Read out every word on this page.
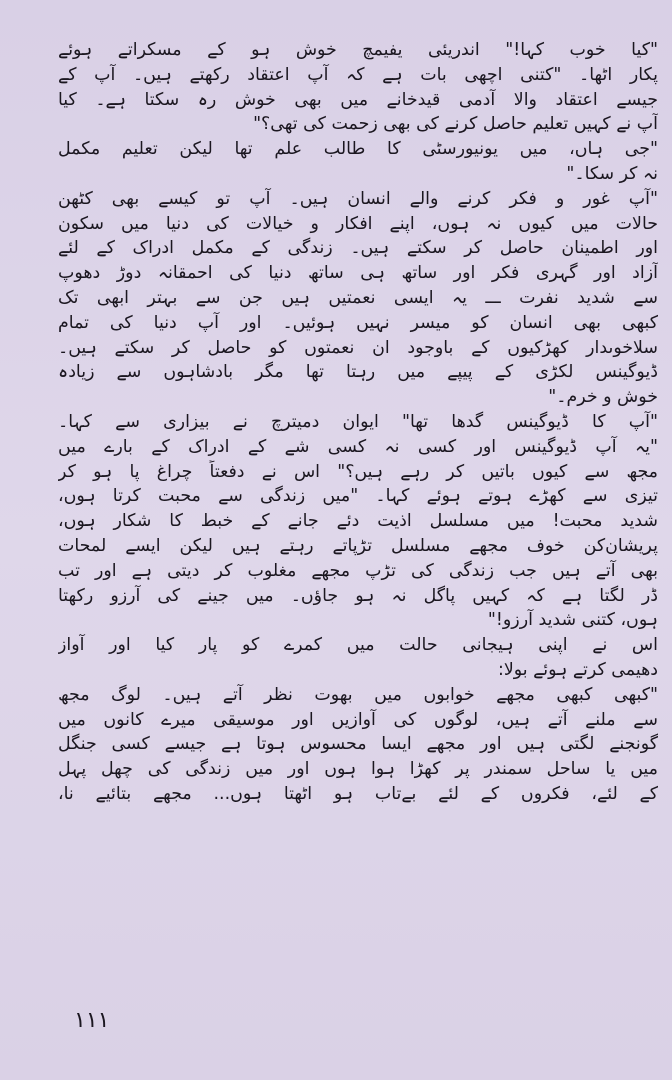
"کیا خوب کہا!" اندریئی یفیمچ خوش ہو کے مسکراتے ہوئے
پکار اٹھا۔ "کتنی اچھی بات ہے کہ آپ اعتقاد رکھتے ہیں۔ آپ کے
جیسے اعتقاد والا آدمی قیدخانے میں بھی خوش رہ سکتا ہے۔ کیا
آپ نے کہیں تعلیم حاصل کرنے کی بھی زحمت کی تھی؟"
"جی ہاں، میں یونیورسٹی کا طالب علم تھا لیکن تعلیم مکمل
نہ کر سکا۔"
"آپ غور و فکر کرنے والے انسان ہیں۔ آپ تو کیسے بھی کٹھن
حالات میں کیوں نہ ہوں، اپنے افکار و خیالات کی دنیا میں سکون
اور اطمینان حاصل کر سکتے ہیں۔ زندگی کے مکمل ادراک کے لئے
آزاد اور گہری فکر اور ساتھ ہی ساتھ دنیا کی احمقانہ دوڑ دھوپ
سے شدید نفرت ـــ یہ ایسی نعمتیں ہیں جن سے بہتر ابھی تک
کبھی بھی انسان کو میسر نہیں ہوئیں۔ اور آپ دنیا کی تمام
سلاخوںدار کھڑکیوں کے باوجود ان نعمتوں کو حاصل کر سکتے ہیں۔
ڈیوگینس لکڑی کے پیپے میں رہتا تھا مگر بادشاہوں سے زیادہ
خوش و خرم۔"
"آپ کا ڈیوگینس گدھا تھا" ایوان دمیترچ نے بیزاری سے کہا۔
"یہ آپ ڈیوگینس اور کسی نہ کسی شے کے ادراک کے بارے میں
مجھ سے کیوں باتیں کر رہے ہیں؟" اس نے دفعتاً چراغ پا ہو کر
تیزی سے کھڑے ہوتے ہوئے کہا۔ "میں زندگی سے محبت کرتا ہوں،
شدید محبت! میں مسلسل اذیت دئے جانے کے خبط کا شکار ہوں،
پریشان‌کن خوف مجھے مسلسل تڑپاتے رہتے ہیں لیکن ایسے لمحات
بھی آتے ہیں جب زندگی کی تڑپ مجھے مغلوب کر دیتی ہے اور تب
ڈر لگتا ہے کہ کہیں پاگل نہ ہو جاؤں۔ میں جینے کی آرزو رکھتا
ہوں، کتنی شدید آرزو!"
اس نے اپنی ہیجانی حالت میں کمرے کو پار کیا اور آواز
دھیمی کرتے ہوئے بولا:
"کبھی کبھی مجھے خوابوں میں بھوت نظر آتے ہیں۔ لوگ مجھ
سے ملنے آتے ہیں، لوگوں کی آوازیں اور موسیقی میرے کانوں میں
گونجنے لگتی ہیں اور مجھے ایسا محسوس ہوتا ہے جیسے کسی جنگل
میں یا ساحل سمندر پر کھڑا ہوا ہوں اور میں زندگی کی چھل پہل
کے لئے، فکروں کے لئے بےتاب ہو اٹھتا ہوں... مجھے بتائیے نا،
١١١
